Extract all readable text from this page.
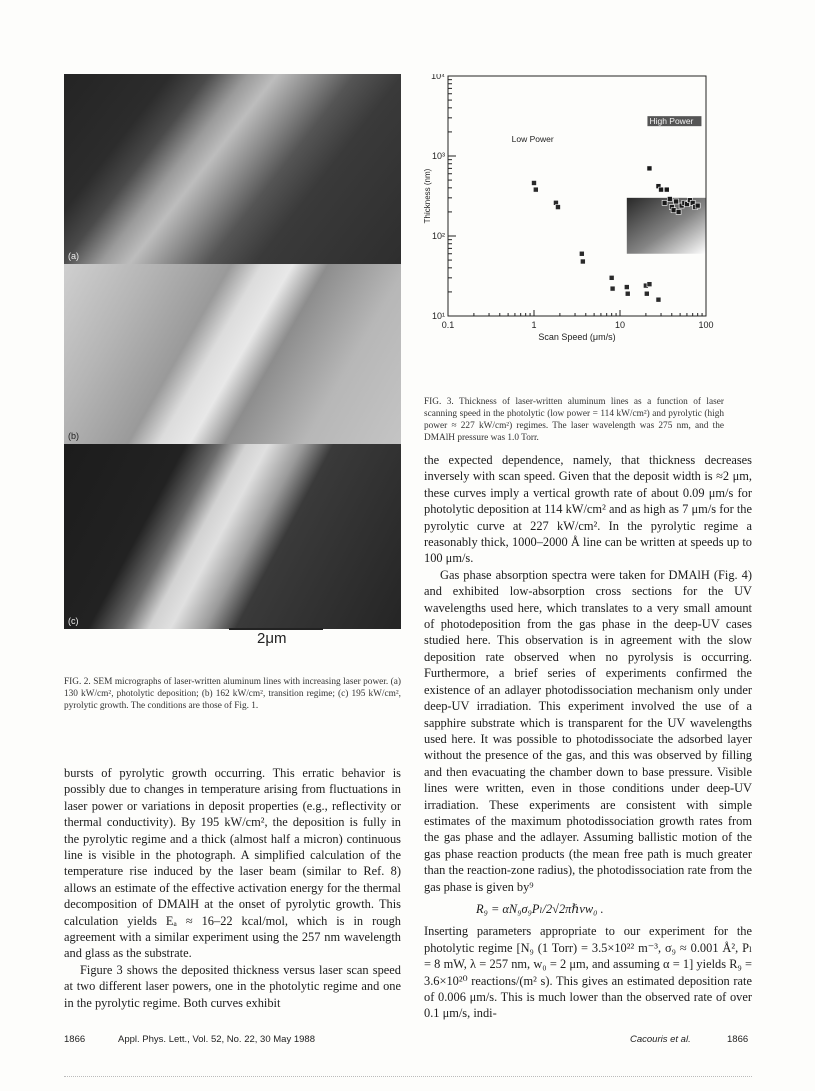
(a)
(b)
(c)
2μm
FIG. 2. SEM micrographs of laser-written aluminum lines with increasing laser power. (a) 130 kW/cm², photolytic deposition; (b) 162 kW/cm², transition regime; (c) 195 kW/cm², pyrolytic growth. The conditions are those of Fig. 1.
0.1	1	10	100
10¹
10²
10³
10⁴
Scan Speed (μm/s)
Thickness (nm)
Low Power
High Power
FIG. 3. Thickness of laser-written aluminum lines as a function of laser scanning speed in the photolytic (low power = 114 kW/cm²) and pyrolytic (high power ≈ 227 kW/cm²) regimes. The laser wavelength was 275 nm, and the DMAlH pressure was 1.0 Torr.

bursts of pyrolytic growth occurring. This erratic behavior is possibly due to changes in temperature arising from fluctuations in laser power or variations in deposit properties (e.g., reflectivity or thermal conductivity). By 195 kW/cm², the deposition is fully in the pyrolytic regime and a thick (almost half a micron) continuous line is visible in the photograph. A simplified calculation of the temperature rise induced by the laser beam (similar to Ref. 8) allows an estimate of the effective activation energy for the thermal decomposition of DMAlH at the onset of pyrolytic growth. This calculation yields Eₐ ≈ 16–22 kcal/mol, which is in rough agreement with a similar experiment using the 257 nm wavelength and glass as the substrate.

Figure 3 shows the deposited thickness versus laser scan speed at two different laser powers, one in the photolytic regime and one in the pyrolytic regime. Both curves exhibit

the expected dependence, namely, that thickness decreases inversely with scan speed. Given that the deposit width is ≈2 μm, these curves imply a vertical growth rate of about 0.09 μm/s for photolytic deposition at 114 kW/cm² and as high as 7 μm/s for the pyrolytic curve at 227 kW/cm². In the pyrolytic regime a reasonably thick, 1000–2000 Å line can be written at speeds up to 100 μm/s.

Gas phase absorption spectra were taken for DMAlH (Fig. 4) and exhibited low-absorption cross sections for the UV wavelengths used here, which translates to a very small amount of photodeposition from the gas phase in the deep-UV cases studied here. This observation is in agreement with the slow deposition rate observed when no pyrolysis is occurring. Furthermore, a brief series of experiments confirmed the existence of an adlayer photodissociation mechanism only under deep-UV irradiation. This experiment involved the use of a sapphire substrate which is transparent for the UV wavelengths used here. It was possible to photodissociate the adsorbed layer without the presence of the gas, and this was observed by filling and then evacuating the chamber down to base pressure. Visible lines were written, even in those conditions under deep-UV irradiation. These experiments are consistent with simple estimates of the maximum photodissociation growth rates from the gas phase and the adlayer. Assuming ballistic motion of the gas phase reaction products (the mean free path is much greater than the reaction-zone radius), the photodissociation rate from the gas phase is given by⁹

R₉ = αN₉σ₉Pₗ/2√2πℏνw₀ .

Inserting parameters appropriate to our experiment for the photolytic regime [N₉ (1 Torr) = 3.5×10²² m⁻³, σ₉ ≈ 0.001 Å², Pₗ = 8 mW, λ = 257 nm, w₀ = 2 μm, and assuming α = 1] yields R₉ = 3.6×10²⁰ reactions/(m² s). This gives an estimated deposition rate of 0.006 μm/s. This is much lower than the observed rate of over 0.1 μm/s, indi-

1866	Appl. Phys. Lett., Vol. 52, No. 22, 30 May 1988	Cacouris et al.	1866
